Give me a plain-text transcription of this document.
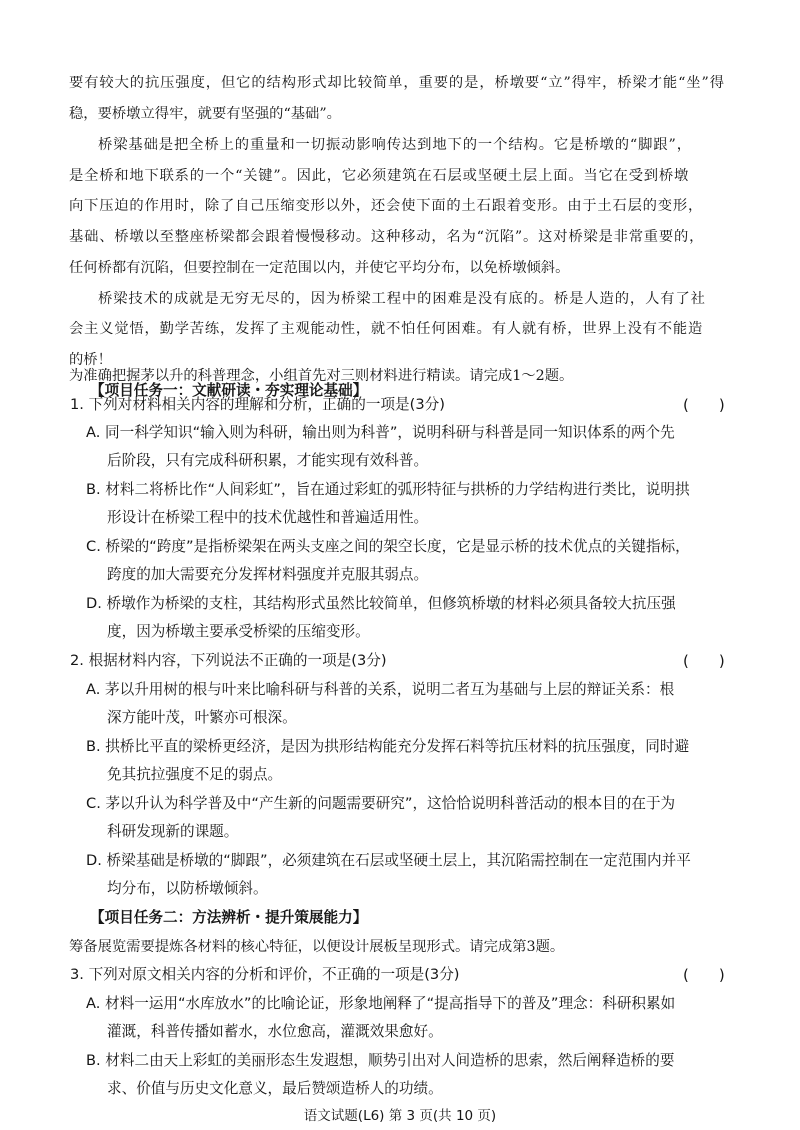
要有较大的抗压强度，但它的结构形式却比较简单，重要的是，桥墩要“立”得牢，桥梁才能“坐”得
稳，要桥墩立得牢，就要有坚强的“基础”。
桥梁基础是把全桥上的重量和一切振动影响传达到地下的一个结构。它是桥墩的“脚跟”，
是全桥和地下联系的一个“关键”。因此，它必须建筑在石层或坚硬土层上面。当它在受到桥墩
向下压迫的作用时，除了自己压缩变形以外，还会使下面的土石跟着变形。由于土石层的变形，
基础、桥墩以至整座桥梁都会跟着慢慢移动。这种移动，名为“沉陷”。这对桥梁是非常重要的，
任何桥都有沉陷，但要控制在一定范围以内，并使它平均分布，以免桥墩倾斜。
桥梁技术的成就是无穷无尽的，因为桥梁工程中的困难是没有底的。桥是人造的，人有了社
会主义觉悟，勤学苦练，发挥了主观能动性，就不怕任何困难。有人就有桥，世界上没有不能造
的桥！
【项目任务一：文献研读・夯实理论基础】
为准确把握茅以升的科普理念，小组首先对三则材料进行精读。请完成1～2题。
1. 下列对材料相关内容的理解和分析，正确的一项是(3分)	(　　)
A. 同一科学知识“输入则为科研，输出则为科普”，说明科研与科普是同一知识体系的两个先
后阶段，只有完成科研积累，才能实现有效科普。
B. 材料二将桥比作“人间彩虹”，旨在通过彩虹的弧形特征与拱桥的力学结构进行类比，说明拱
形设计在桥梁工程中的技术优越性和普遍适用性。
C. 桥梁的“跨度”是指桥梁架在两头支座之间的架空长度，它是显示桥的技术优点的关键指标，
跨度的加大需要充分发挥材料强度并克服其弱点。
D. 桥墩作为桥梁的支柱，其结构形式虽然比较简单，但修筑桥墩的材料必须具备较大抗压强
度，因为桥墩主要承受桥梁的压缩变形。
2. 根据材料内容，下列说法不正确的一项是(3分)	(　　)
A. 茅以升用树的根与叶来比喻科研与科普的关系，说明二者互为基础与上层的辩证关系：根
深方能叶茂，叶繁亦可根深。
B. 拱桥比平直的梁桥更经济，是因为拱形结构能充分发挥石料等抗压材料的抗压强度，同时避
免其抗拉强度不足的弱点。
C. 茅以升认为科学普及中“产生新的问题需要研究”，这恰恰说明科普活动的根本目的在于为
科研发现新的课题。
D. 桥梁基础是桥墩的“脚跟”，必须建筑在石层或坚硬土层上，其沉陷需控制在一定范围内并平
均分布，以防桥墩倾斜。
【项目任务二：方法辨析・提升策展能力】
筹备展览需要提炼各材料的核心特征，以便设计展板呈现形式。请完成第3题。
3. 下列对原文相关内容的分析和评价，不正确的一项是(3分)	(　　)
A. 材料一运用“水库放水”的比喻论证，形象地阐释了“提高指导下的普及”理念：科研积累如
灌溉，科普传播如蓄水，水位愈高，灌溉效果愈好。
B. 材料二由天上彩虹的美丽形态生发遐想，顺势引出对人间造桥的思索，然后阐释造桥的要
语文试题(L6) 第 3 页(共 10 页)
求、价值与历史文化意义，最后赞颂造桥人的功绩。
